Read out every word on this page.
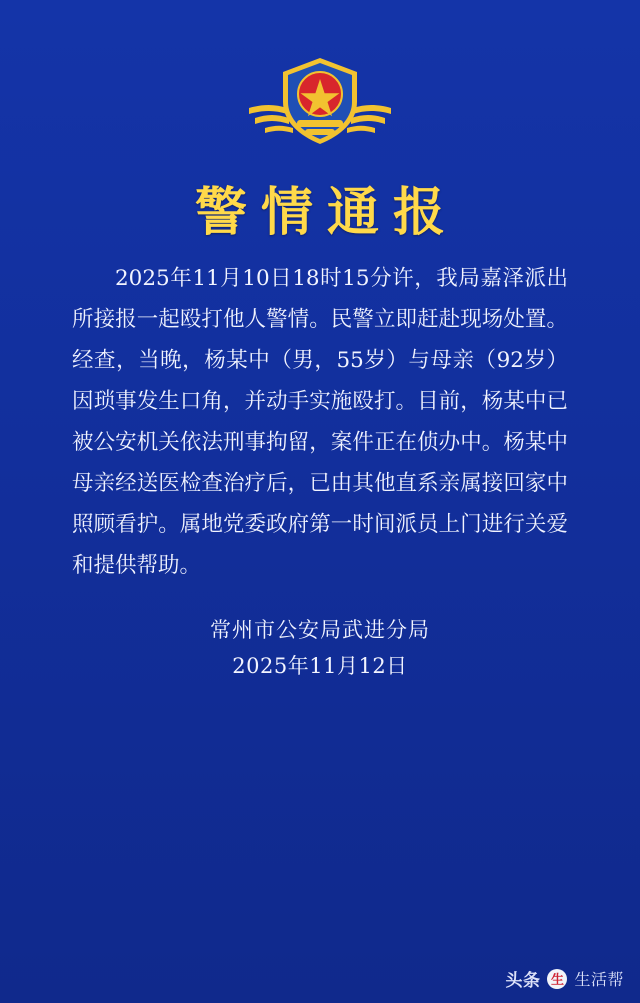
警情通报

2025年11月10日18时15分许，我局嘉泽派出所接报一起殴打他人警情。民警立即赶赴现场处置。经查，当晚，杨某中（男，55岁）与母亲（92岁）因琐事发生口角，并动手实施殴打。目前，杨某中已被公安机关依法刑事拘留，案件正在侦办中。杨某中母亲经送医检查治疗后，已由其他直系亲属接回家中照顾看护。属地党委政府第一时间派员上门进行关爱和提供帮助。

常州市公安局武进分局
2025年11月12日
头条 生 生活帮
